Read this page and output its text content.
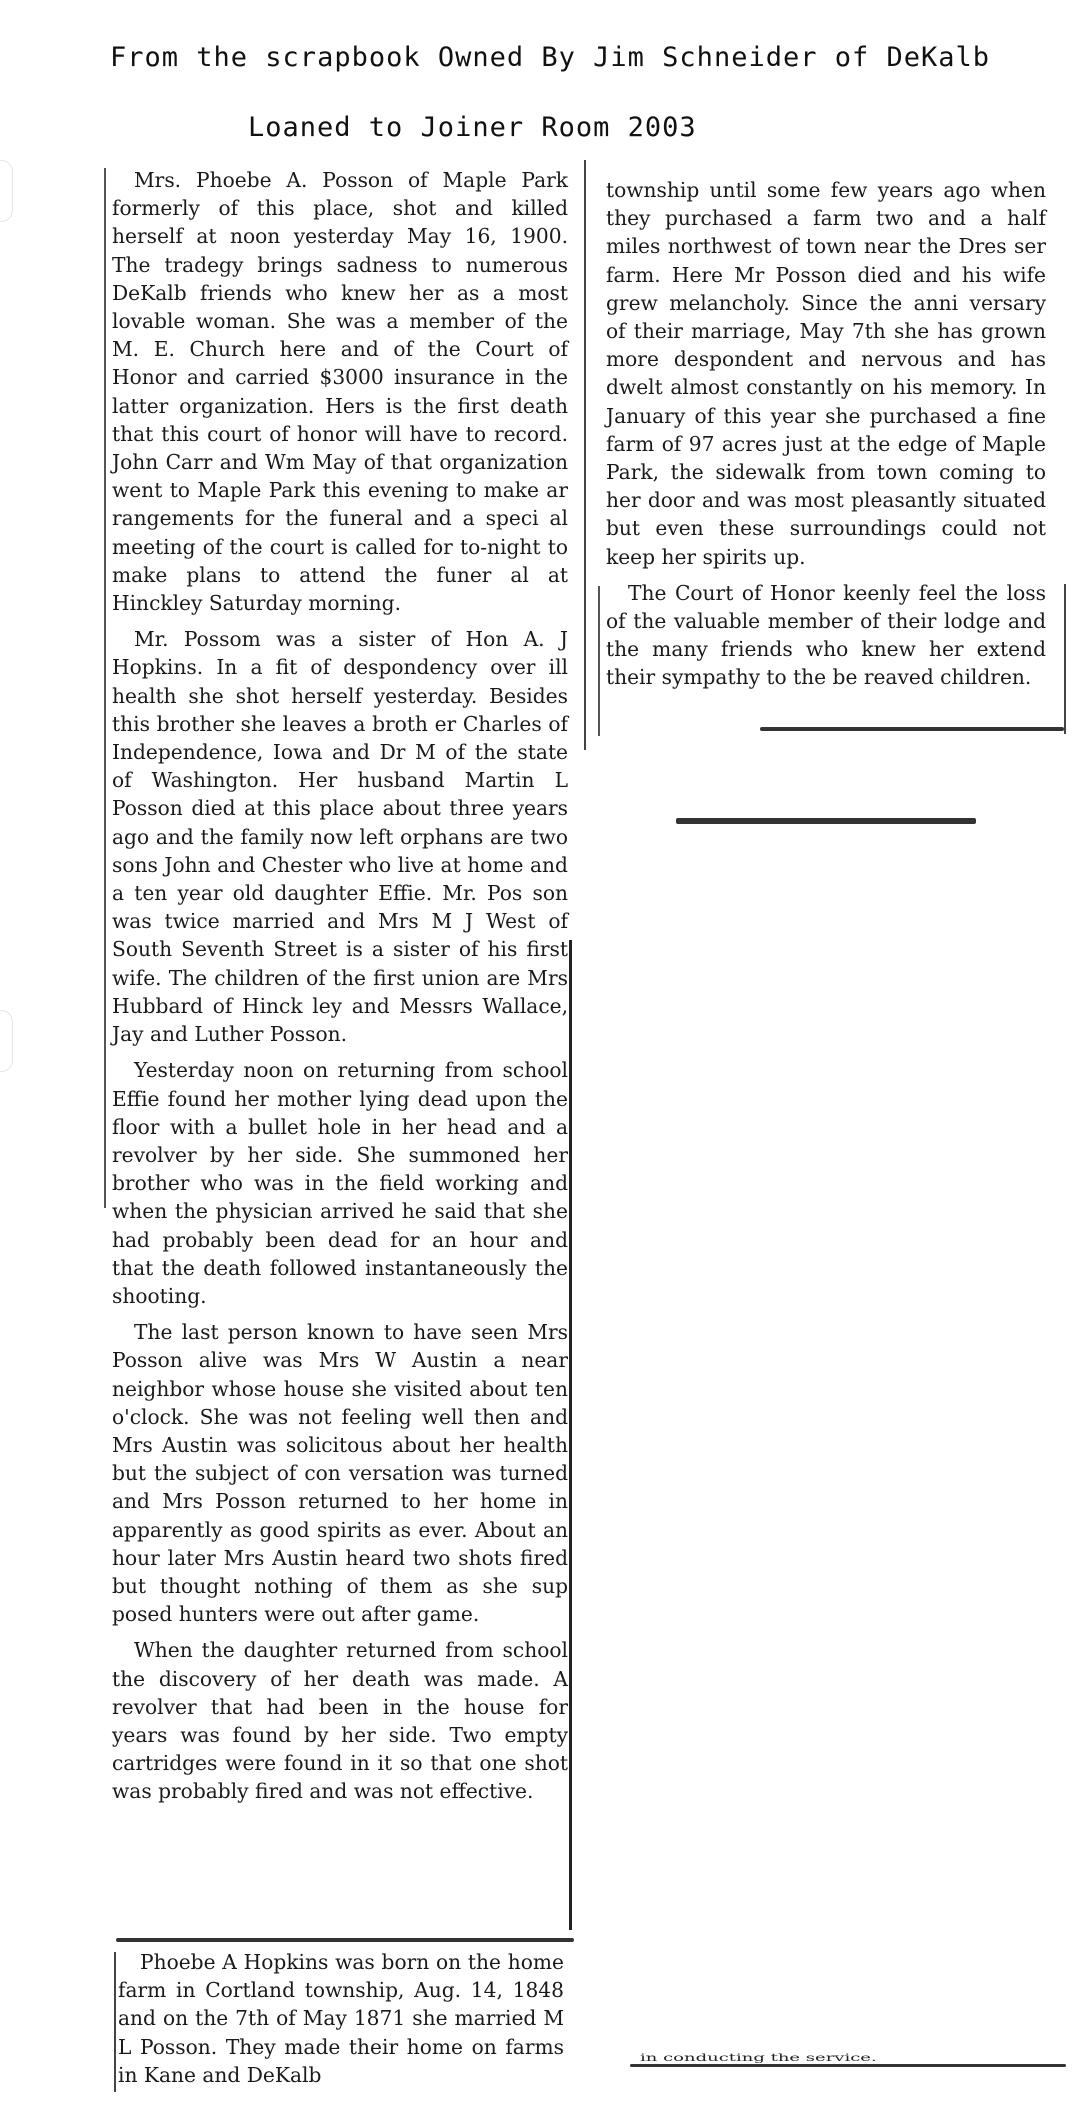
From the scrapbook Owned By Jim Schneider of DeKalb
Loaned to Joiner Room 2003

Mrs. Phoebe A. Posson of Maple Park formerly of this place, shot and killed herself at noon yesterday May 16, 1900. The tradegy brings sadness to numerous DeKalb friends who knew her as a most lovable woman. She was a member of the M. E. Church here and of the Court of Honor and carried $3000 insurance in the latter organization. Hers is the first death that this court of honor will have to record. John Carr and Wm May of that organization went to Maple Park this evening to make ar rangements for the funeral and a speci al meeting of the court is called for to-night to make plans to attend the funer al at Hinckley Saturday morning.

Mr. Possom was a sister of Hon A. J Hopkins. In a fit of despondency over ill health she shot herself yesterday. Besides this brother she leaves a broth er Charles of Independence, Iowa and Dr M of the state of Washington. Her husband Martin L Posson died at this place about three years ago and the family now left orphans are two sons John and Chester who live at home and a ten year old daughter Effie. Mr. Pos son was twice married and Mrs M J West of South Seventh Street is a sister of his first wife. The children of the first union are Mrs Hubbard of Hinck ley and Messrs Wallace, Jay and Luther Posson.

Yesterday noon on returning from school Effie found her mother lying dead upon the floor with a bullet hole in her head and a revolver by her side. She summoned her brother who was in the field working and when the physician arrived he said that she had probably been dead for an hour and that the death followed instantaneously the shooting.

The last person known to have seen Mrs Posson alive was Mrs W Austin a near neighbor whose house she visited about ten o'clock. She was not feeling well then and Mrs Austin was solicitous about her health but the subject of con versation was turned and Mrs Posson returned to her home in apparently as good spirits as ever. About an hour later Mrs Austin heard two shots fired but thought nothing of them as she sup posed hunters were out after game.

When the daughter returned from school the discovery of her death was made. A revolver that had been in the house for years was found by her side. Two empty cartridges were found in it so that one shot was probably fired and was not effective.

township until some few years ago when they purchased a farm two and a half miles northwest of town near the Dres ser farm. Here Mr Posson died and his wife grew melancholy. Since the anni versary of their marriage, May 7th she has grown more despondent and nervous and has dwelt almost constantly on his memory. In January of this year she purchased a fine farm of 97 acres just at the edge of Maple Park, the sidewalk from town coming to her door and was most pleasantly situated but even these surroundings could not keep her spirits up.

The Court of Honor keenly feel the loss of the valuable member of their lodge and the many friends who knew her extend their sympathy to the be reaved children.

Phoebe A Hopkins was born on the home farm in Cortland township, Aug. 14, 1848 and on the 7th of May 1871 she married M L Posson. They made their home on farms in Kane and DeKalb

in conducting the service.
